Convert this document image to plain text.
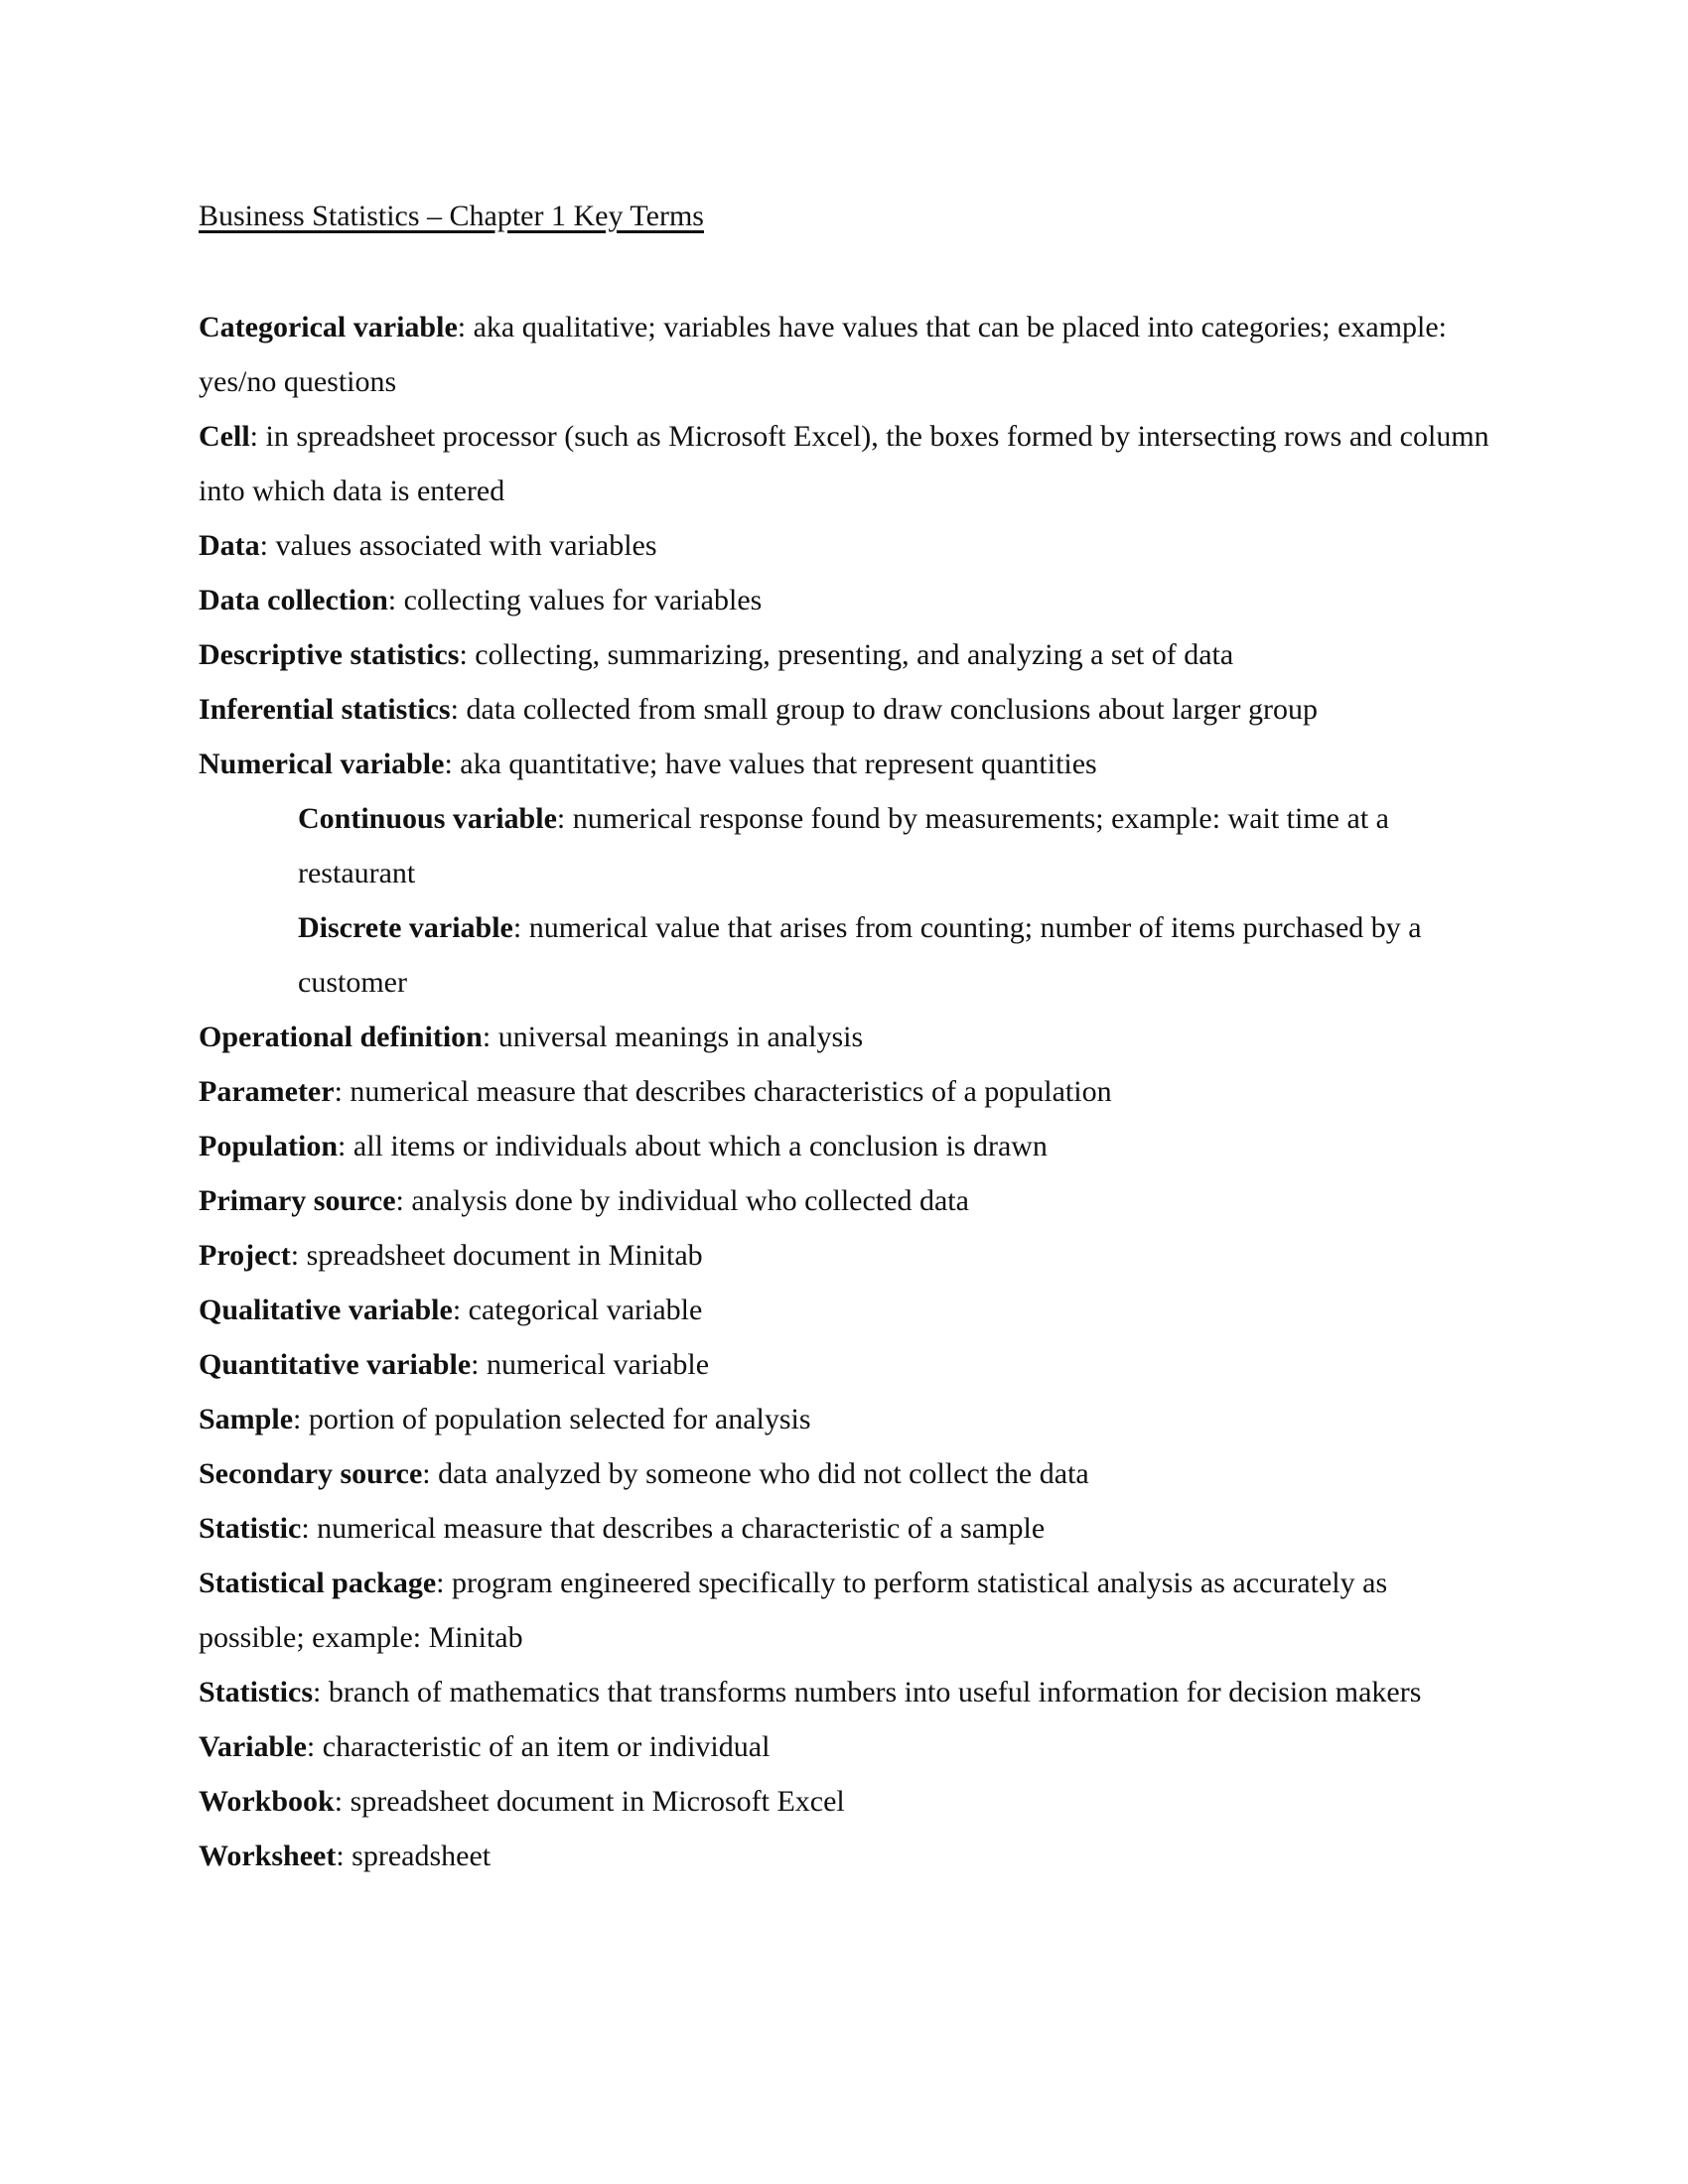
Business Statistics – Chapter 1 Key Terms
Categorical variable: aka qualitative; variables have values that can be placed into categories; example: yes/no questions
Cell: in spreadsheet processor (such as Microsoft Excel), the boxes formed by intersecting rows and column into which data is entered
Data: values associated with variables
Data collection: collecting values for variables
Descriptive statistics: collecting, summarizing, presenting, and analyzing a set of data
Inferential statistics: data collected from small group to draw conclusions about larger group
Numerical variable: aka quantitative; have values that represent quantities
Continuous variable: numerical response found by measurements; example: wait time at a restaurant
Discrete variable: numerical value that arises from counting; number of items purchased by a customer
Operational definition: universal meanings in analysis
Parameter: numerical measure that describes characteristics of a population
Population: all items or individuals about which a conclusion is drawn
Primary source: analysis done by individual who collected data
Project: spreadsheet document in Minitab
Qualitative variable: categorical variable
Quantitative variable: numerical variable
Sample: portion of population selected for analysis
Secondary source: data analyzed by someone who did not collect the data
Statistic: numerical measure that describes a characteristic of a sample
Statistical package: program engineered specifically to perform statistical analysis as accurately as possible; example: Minitab
Statistics: branch of mathematics that transforms numbers into useful information for decision makers
Variable: characteristic of an item or individual
Workbook: spreadsheet document in Microsoft Excel
Worksheet: spreadsheet
